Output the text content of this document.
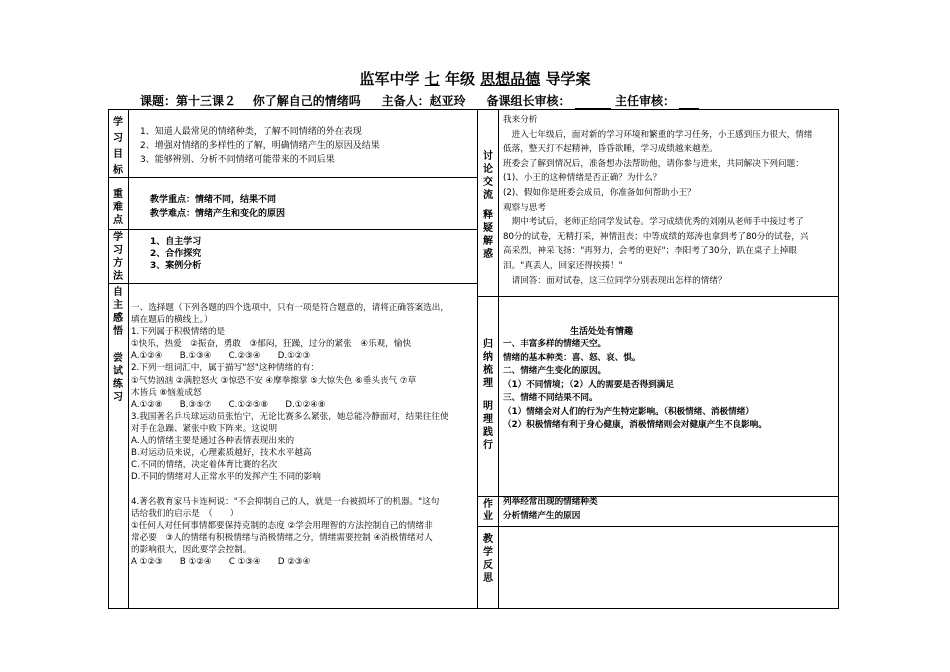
监军中学 七 年级 思想品德 导学案
课题：第十三课２ 你了解自己的情绪吗 主备人：赵亚玲 备课组长审核：	主任审核：
学
习
目
标
1、知道人最常见的情绪种类，了解不同情绪的外在表现
2、增强对情绪的多样性的了解，明确情绪产生的原因及结果
3、能够辨别、分析不同情绪可能带来的不同后果
重
难
点
教学重点：情绪不同，结果不同
教学难点：情绪产生和变化的原因
学
习
方
法
1、自主学习
2、合作探究
3、案例分析
自
主
感
悟
尝
试
练
习
一、选择题（下列各题的四个选项中，只有一项是符合题意的，请将正确答案选出，
填在题后的横线上。）
1.下列属于积极情绪的是
①快乐，热爱　②振奋，勇敢　③郁闷，狂躁，过分的紧张　④乐观，愉快
A.①②④　　B.①③④　　C.②③④　　D.①②③
2.下列一组词汇中，属于描写"怒"这种情绪的有：
①气势汹汹 ②满腔怒火 ③惊恐不安 ④摩拳擦掌 ⑤大惊失色 ⑥垂头丧气 ⑦草
木皆兵 ⑧恼羞成怒
A.①②⑧　　B.③⑤⑦　　C.①②⑤⑧　　D.①②④⑧
3.我国著名乒乓球运动员张怡宁，无论比赛多么紧张，她总能冷静面对，结果往往使
对手在急躁、紧张中败下阵来。这说明
A.人的情绪主要是通过各种表情表现出来的
B.对运动员来说，心理素质越好，技术水平越高
C.不同的情绪，决定着体育比赛的名次
D.不同的情绪对人正常水平的发挥产生不同的影响
4.著名教育家马卡连柯说："不会抑制自己的人，就是一台被损坏了的机器。"这句
话给我们的启示是　（　　）
①任何人对任何事情都要保持克制的态度 ②学会用理智的方法控制自己的情绪非
常必要　③人的情绪有积极情绪与消极情绪之分，情绪需要控制 ④消极情绪对人
的影响很大，因此要学会控制。
A ①②③　　B ①②④　　C ①③④　　D ②③④
讨
论
交
流
释
疑
解
惑
我来分析
　进入七年级后，面对新的学习环境和繁重的学习任务，小王感到压力很大，情绪
低落，整天打不起精神，昏昏欲睡，学习成绩越来越差。
班委会了解到情况后，准备想办法帮助他，请你参与进来，共同解决下列问题：
(1)、小王的这种情绪是否正确？为什么？
(2)、假如你是班委会成员，你准备如何帮助小王？
观察与思考
　期中考试后，老师正给同学发试卷。学习成绩优秀的刘刚从老师手中接过考了
80分的试卷，无精打采，神情沮丧；中等成绩的郑涛也拿到考了80分的试卷，兴
高采烈，神采飞扬："再努力，会考的更好"；李阳考了30分，趴在桌子上掉眼
泪。"真丢人，回家还得挨揍！"
　请回答：面对试卷，这三位同学分别表现出怎样的情绪？
归
纳
梳
理
明
理
践
行
生活处处有情趣
一、丰富多样的情绪天空。
情绪的基本种类：喜、怒、哀、惧。
二、情绪产生变化的原因。
（1）不同情境；（2）人的需要是否得到满足
三、情绪不同结果不同。
（1）情绪会对人们的行为产生特定影响。（积极情绪、消极情绪）
（2）积极情绪有利于身心健康，消极情绪则会对健康产生不良影响。
作
业
列举经常出现的情绪种类
分析情绪产生的原因
教
学
反
思
